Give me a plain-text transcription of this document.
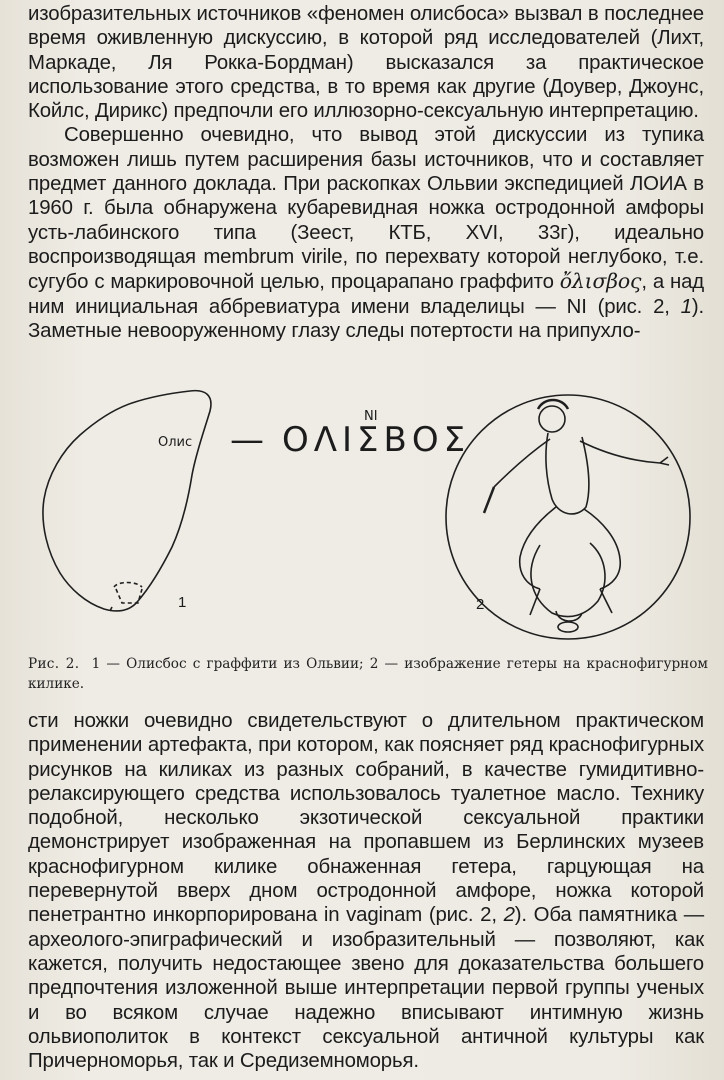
изобразительных источников «феномен олисбоса» вызвал в последнее время оживленную дискуссию, в которой ряд исследователей (Лихт, Маркаде, Ля Рокка-Бордман) высказался за практическое использование этого средства, в то время как другие (Доувер, Джоунс, Койлс, Дирикс) предпочли его иллюзорно-сексуальную интерпретацию.

Совершенно очевидно, что вывод этой дискуссии из тупика возможен лишь путем расширения базы источников, что и составляет предмет данного доклада. При раскопках Ольвии экспедицией ЛОИА в 1960 г. была обнаружена кубаревидная ножка остродонной амфоры усть-лабинского типа (Зеест, КТБ, XVI, 33г), идеально воспроизводящая membrum virile, по перехвату которой неглубоко, т.е. сугубо с маркировочной целью, процарапано граффито ὄλισβος, а над ним инициальная аббревиатура имени владелицы — NI (рис. 2, 1). Заметные невооруженному глазу следы потертости на припухло-

Олис — ОΛΙΣΒΟΣ
NI
1	2
Рис. 2. 1 — Олисбос с граффити из Ольвии; 2 — изображение гетеры на краснофигурном килике.

сти ножки очевидно свидетельствуют о длительном практическом применении артефакта, при котором, как поясняет ряд краснофигурных рисунков на киликах из разных собраний, в качестве гумидитивно-релаксирующего средства использовалось туалетное масло. Технику подобной, несколько экзотической сексуальной практики демонстрирует изображенная на пропавшем из Берлинских музеев краснофигурном килике обнаженная гетера, гарцующая на перевернутой вверх дном остродонной амфоре, ножка которой пенетрантно инкорпорирована in vaginam (рис. 2, 2). Оба памятника — археолого-эпиграфический и изобразительный — позволяют, как кажется, получить недостающее звено для доказательства большего предпочтения изложенной выше интерпретации первой группы ученых и во всяком случае надежно вписывают интимную жизнь ольвиополиток в контекст сексуальной античной культуры как Причерноморья, так и Средиземноморья.
